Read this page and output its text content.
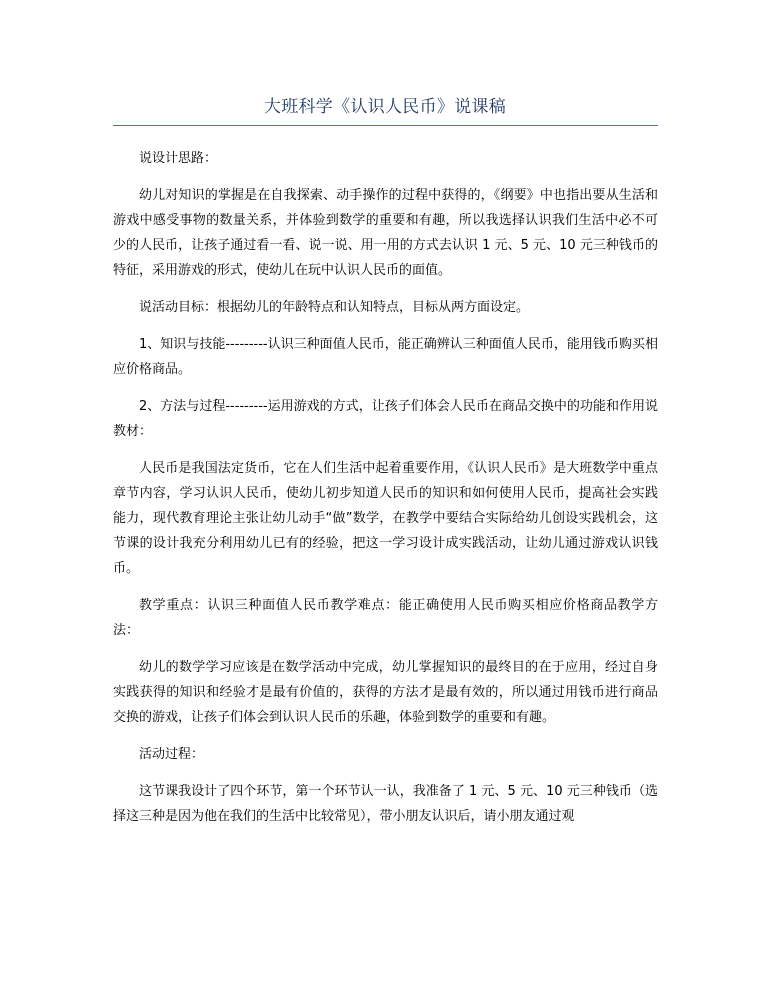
大班科学《认识人民币》说课稿

说设计思路：

幼儿对知识的掌握是在自我探索、动手操作的过程中获得的，《纲要》中也指出要从生活和游戏中感受事物的数量关系，并体验到数学的重要和有趣，所以我选择认识我们生活中必不可少的人民币，让孩子通过看一看、说一说、用一用的方式去认识 1 元、5 元、10 元三种钱币的特征，采用游戏的形式，使幼儿在玩中认识人民币的面值。

说活动目标：根据幼儿的年龄特点和认知特点，目标从两方面设定。

1、知识与技能---------认识三种面值人民币，能正确辨认三种面值人民币，能用钱币购买相应价格商品。

2、方法与过程---------运用游戏的方式，让孩子们体会人民币在商品交换中的功能和作用说教材：

人民币是我国法定货币，它在人们生活中起着重要作用，《认识人民币》是大班数学中重点章节内容，学习认识人民币，使幼儿初步知道人民币的知识和如何使用人民币，提高社会实践能力，现代教育理论主张让幼儿动手“做”数学，在教学中要结合实际给幼儿创设实践机会，这节课的设计我充分利用幼儿已有的经验，把这一学习设计成实践活动，让幼儿通过游戏认识钱币。

教学重点：认识三种面值人民币教学难点：能正确使用人民币购买相应价格商品教学方法：

幼儿的数学学习应该是在数学活动中完成，幼儿掌握知识的最终目的在于应用，经过自身实践获得的知识和经验才是最有价值的，获得的方法才是最有效的，所以通过用钱币进行商品交换的游戏，让孩子们体会到认识人民币的乐趣，体验到数学的重要和有趣。

活动过程：

这节课我设计了四个环节，第一个环节认一认，我准备了 1 元、5 元、10 元三种钱币（选择这三种是因为他在我们的生活中比较常见），带小朋友认识后，请小朋友通过观
